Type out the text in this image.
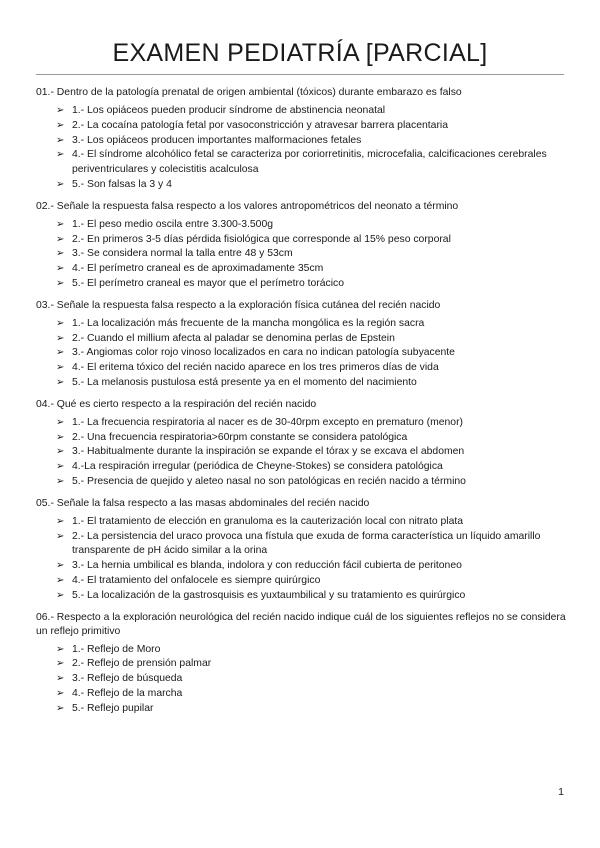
EXAMEN PEDIATRÍA [PARCIAL]

01.- Dentro de la patología prenatal de origen ambiental (tóxicos) durante embarazo es falso

➢ 1.- Los opiáceos pueden producir síndrome de abstinencia neonatal
➢ 2.- La cocaína patología fetal por vasoconstricción y atravesar barrera placentaria
➢ 3.- Los opiáceos producen importantes malformaciones fetales
➢ 4.- El síndrome alcohólico fetal se caracteriza por coriorretinitis, microcefalia, calcificaciones cerebrales periventriculares y colecistitis acalculosa
➢ 5.- Son falsas la 3 y 4

02.- Señale la respuesta falsa respecto a los valores antropométricos del neonato a término

➢ 1.- El peso medio oscila entre 3.300-3.500g
➢ 2.- En primeros 3-5 días pérdida fisiológica que corresponde al 15% peso corporal
➢ 3.- Se considera normal la talla entre 48 y 53cm
➢ 4.- El perímetro craneal es de aproximadamente 35cm
➢ 5.- El perímetro craneal es mayor que el perímetro torácico

03.- Señale la respuesta falsa respecto a la exploración física cutánea del recién nacido

➢ 1.- La localización más frecuente de la mancha mongólica es la región sacra
➢ 2.- Cuando el millium afecta al paladar se denomina perlas de Epstein
➢ 3.- Angiomas color rojo vinoso localizados en cara no indican patología subyacente
➢ 4.- El eritema tóxico del recién nacido aparece en los tres primeros días de vida
➢ 5.- La melanosis pustulosa está presente ya en el momento del nacimiento

04.- Qué es cierto respecto a la respiración del recién nacido

➢ 1.- La frecuencia respiratoria al nacer es de 30-40rpm excepto en prematuro (menor)
➢ 2.- Una frecuencia respiratoria>60rpm constante se considera patológica
➢ 3.- Habitualmente durante la inspiración se expande el tórax y se excava el abdomen
➢ 4.-La respiración irregular (periódica de Cheyne-Stokes) se considera patológica
➢ 5.- Presencia de quejido y aleteo nasal no son patológicas en recién nacido a término

05.- Señale la falsa respecto a las masas abdominales del recién nacido

➢ 1.- El tratamiento de elección en granuloma es la cauterización local con nitrato plata
➢ 2.- La persistencia del uraco provoca una fístula que exuda de forma característica un líquido amarillo transparente de pH ácido similar a la orina
➢ 3.- La hernia umbilical es blanda, indolora y con reducción fácil cubierta de peritoneo
➢ 4.- El tratamiento del onfalocele es siempre quirúrgico
➢ 5.- La localización de la gastrosquisis es yuxtaumbilical y su tratamiento es quirúrgico

06.- Respecto a la exploración neurológica del recién nacido indique cuál de los siguientes reflejos no se considera un reflejo primitivo

➢ 1.- Reflejo de Moro
➢ 2.- Reflejo de prensión palmar
➢ 3.- Reflejo de búsqueda
➢ 4.- Reflejo de la marcha
➢ 5.- Reflejo pupilar
1
